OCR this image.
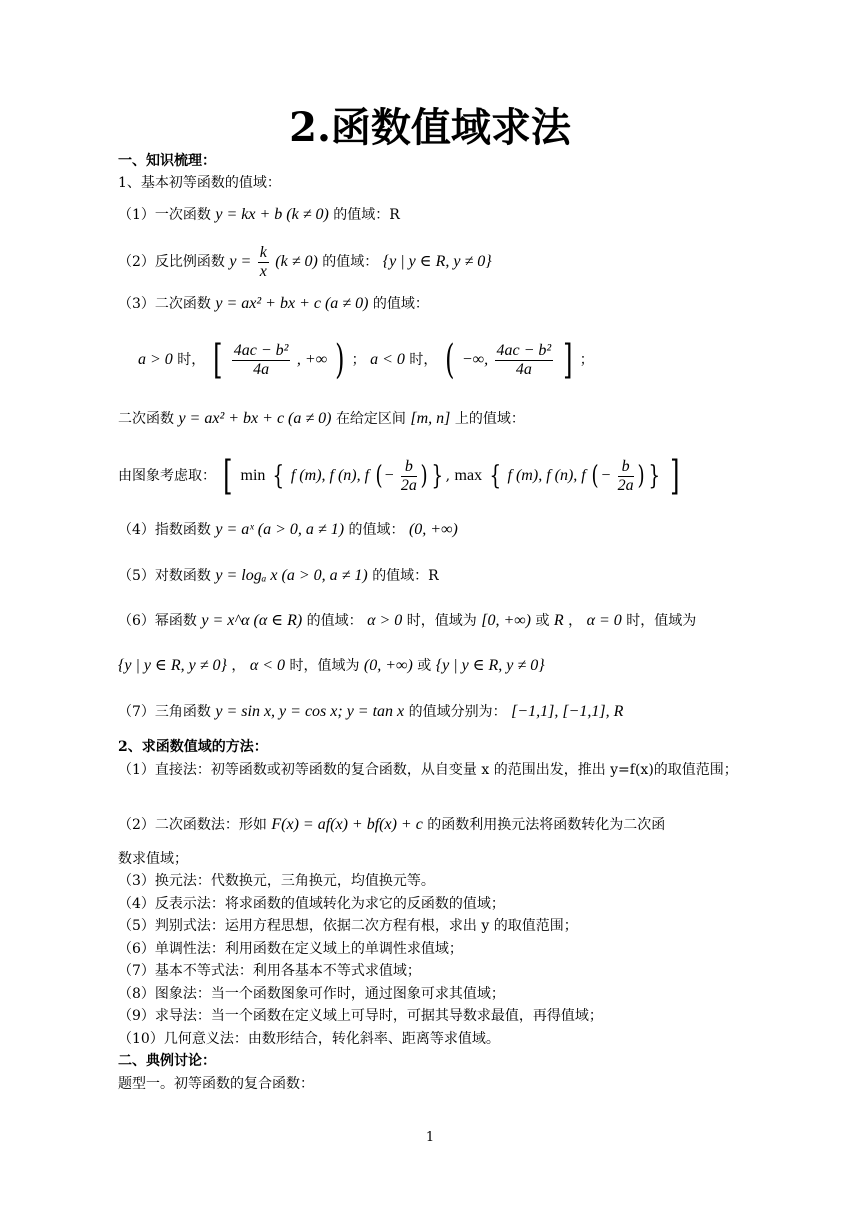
2.函数值域求法
一、知识梳理：
1、基本初等函数的值域：
（1）一次函数 y = kx + b (k ≠ 0) 的值域：R
（2）反比例函数 $y = \frac{k}{x} (k \ne 0)$ 的值域： {y | y ∈ R, y ≠ 0}
（3）二次函数 y = ax² + bx + c (a ≠ 0) 的值域：
a > 0 时， [ $\frac{\text{4ac − b²}}{4a}$ , +∞ ) ； a < 0 时， ( −∞, $\frac{\text{4ac − b²}}{4a}$ ] ；
二次函数 y = ax² + bx + c (a ≠ 0) 在给定区间 [m, n] 上的值域：
由图象考虑取： [ min { f (m), f (n), f (− $\frac{b}{2a}$ ) } , max { f (m), f (n), f (− $\frac{b}{2a}$ ) } ]
（4）指数函数 y = aˣ (a > 0, a ≠ 1) 的值域： (0, +∞)
（5）对数函数 y = logₐ x (a > 0, a ≠ 1) 的值域：R
（6）幂函数 y = x^α (α ∈ R) 的值域： α > 0 时，值域为 [0, +∞) 或 R ， α = 0 时，值域为
{y | y ∈ R, y ≠ 0} ， α < 0 时，值域为 (0, +∞) 或 {y | y ∈ R, y ≠ 0}
（7）三角函数 y = sin x, y = cos x; y = tan x 的值域分别为： [−1,1], [−1,1], R
2、求函数值域的方法：
（1）直接法：初等函数或初等函数的复合函数，从自变量 x 的范围出发，推出 y=f(x)的取值范围；
（2）二次函数法：形如 F(x) = af(x) + bf(x) + c 的函数利用换元法将函数转化为二次函
数求值域；
（3）换元法：代数换元，三角换元，均值换元等。
（4）反表示法：将求函数的值域转化为求它的反函数的值域；
（5）判别式法：运用方程思想，依据二次方程有根，求出 y 的取值范围；
（6）单调性法：利用函数在定义域上的单调性求值域；
（7）基本不等式法：利用各基本不等式求值域；
（8）图象法：当一个函数图象可作时，通过图象可求其值域；
（9）求导法：当一个函数在定义域上可导时，可据其导数求最值，再得值域；
（10）几何意义法：由数形结合，转化斜率、距离等求值域。
二、典例讨论：
题型一。初等函数的复合函数：
1
